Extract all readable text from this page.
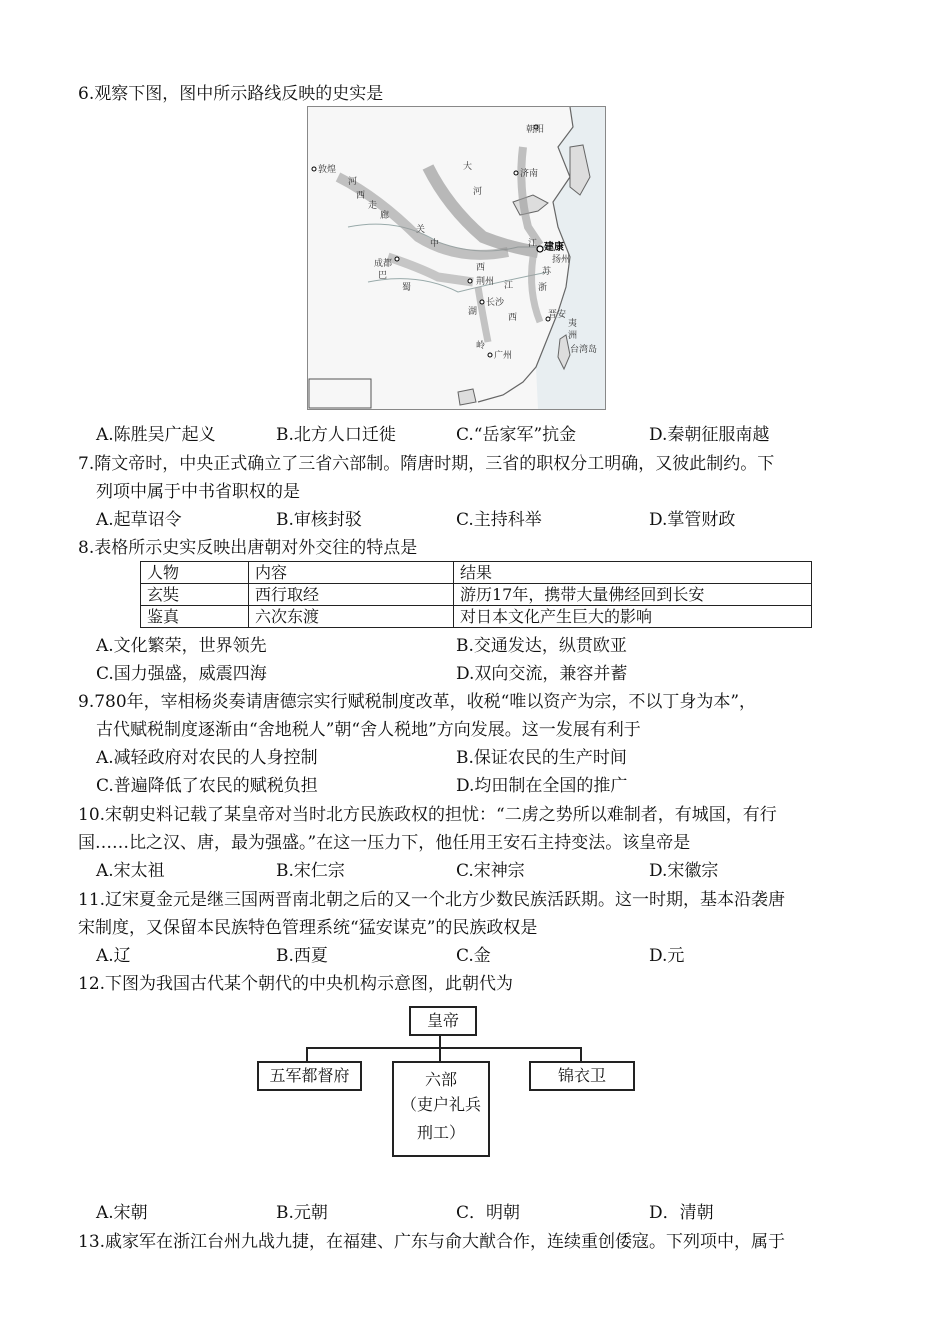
6.观察下图，图中所示路线反映的史实是
朝阳
敦煌	大
河
西
走
廊
河
关
中
济南
江 建康
扬州
苏
成都
巴
蜀
西
荆州 江	浙
长沙
湖	晋安
西
夷
洲
台湾岛
广州
岭
A.陈胜吴广起义	B.北方人口迁徙	C.“岳家军”抗金	D.秦朝征服南越
7.隋文帝时，中央正式确立了三省六部制。隋唐时期，三省的职权分工明确，又彼此制约。下
列项中属于中书省职权的是
A.起草诏令	B.审核封驳	C.主持科举	D.掌管财政
8.表格所示史实反映出唐朝对外交往的特点是
人物	内容	结果
玄奘	西行取经	游历17年，携带大量佛经回到长安
鉴真	六次东渡	对日本文化产生巨大的影响
A.文化繁荣，世界领先	B.交通发达，纵贯欧亚
C.国力强盛，威震四海	D.双向交流，兼容并蓄
9.780年，宰相杨炎奏请唐德宗实行赋税制度改革，收税“唯以资产为宗，不以丁身为本”，
古代赋税制度逐渐由“舍地税人”朝“舍人税地”方向发展。这一发展有利于
A.减轻政府对农民的人身控制	B.保证农民的生产时间
C.普遍降低了农民的赋税负担	D.均田制在全国的推广
10.宋朝史料记载了某皇帝对当时北方民族政权的担忧：“二虏之势所以难制者，有城国，有行
国……比之汉、唐，最为强盛。”在这一压力下，他任用王安石主持变法。该皇帝是
A.宋太祖	B.宋仁宗	C.宋神宗	D.宋徽宗
11.辽宋夏金元是继三国两晋南北朝之后的又一个北方少数民族活跃期。这一时期，基本沿袭唐
宋制度，又保留本民族特色管理系统“猛安谋克”的民族政权是
A.辽	B.西夏	C.金	D.元
12.下图为我国古代某个朝代的中央机构示意图，此朝代为
皇帝
五军都督府	六部
（吏户礼兵
刑工）
锦衣卫
A.宋朝	B.元朝	C．明朝	D．清朝
13.戚家军在浙江台州九战九捷，在福建、广东与俞大猷合作，连续重创倭寇。下列项中，属于
